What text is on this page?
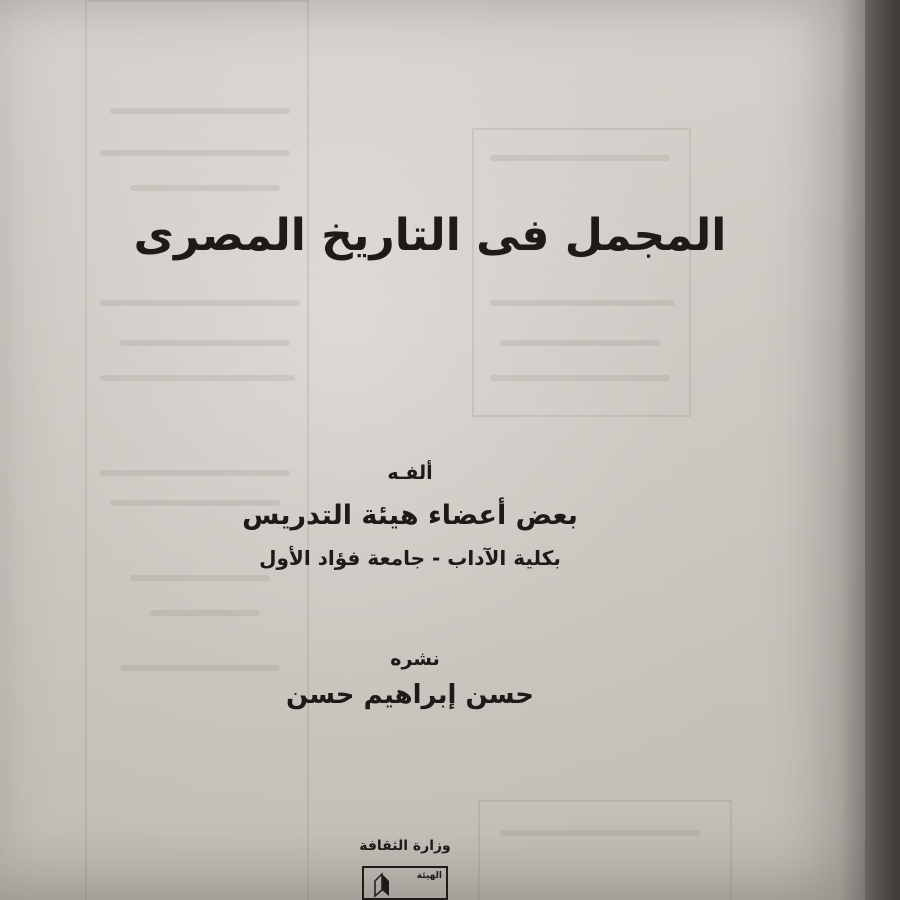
المجمل فى التاريخ المصرى
ألفـه
بعض أعضاء هيئة التدريس
بكلية الآداب - جامعة فؤاد الأول
نشره
حسن إبراهيم حسن
وزارة الثقافة
الهيئة
